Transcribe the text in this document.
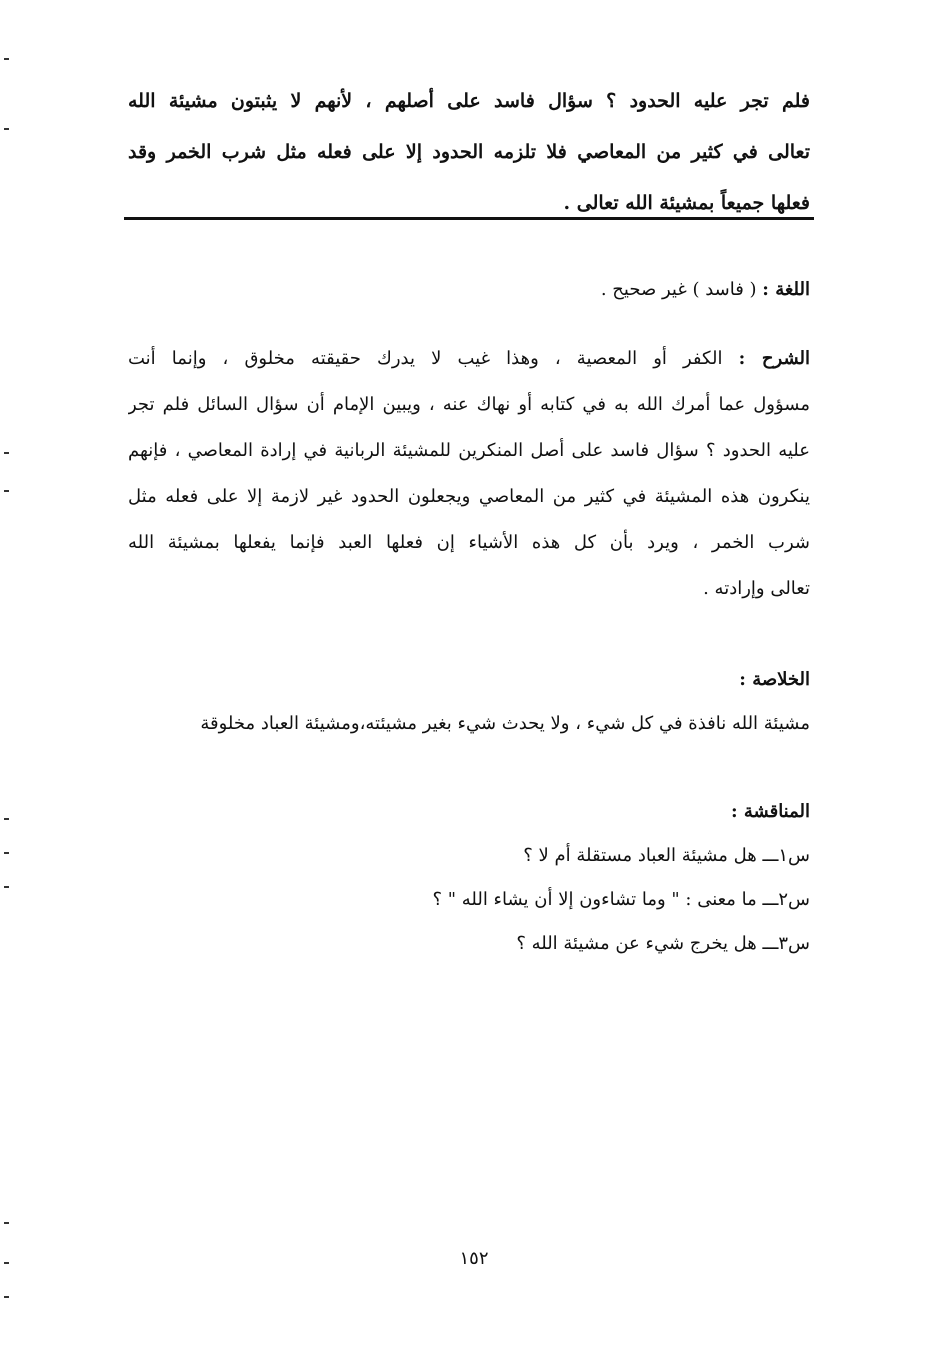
فلم تجر عليه الحدود ؟ سؤال فاسد على أصلهم ، لأنهم لا يثبتون مشيئة الله
تعالى في كثير من المعاصي فلا تلزمه الحدود إلا على فعله مثل شرب الخمر وقد
فعلها جميعاً بمشيئة الله تعالى .
اللغة : ( فاسد ) غير صحيح .
الشرح : الكفر أو المعصية ، وهذا غيب لا يدرك حقيقته مخلوق ، وإنما أنت
مسؤول عما أمرك الله به في كتابه أو نهاك عنه ، ويبين الإمام أن سؤال السائل فلم تجر
عليه الحدود ؟ سؤال فاسد على أصل المنكرين للمشيئة الربانية في إرادة المعاصي ، فإنهم
ينكرون هذه المشيئة في كثير من المعاصي ويجعلون الحدود غير لازمة إلا على فعله مثل
شرب الخمر ، ويرد بأن كل هذه الأشياء إن فعلها العبد فإنما يفعلها بمشيئة الله
تعالى وإرادته .
الخلاصة :
مشيئة الله نافذة في كل شيء ، ولا يحدث شيء بغير مشيئته،ومشيئة العباد مخلوقة
المناقشة :
س١ـــ هل مشيئة العباد مستقلة أم لا ؟
س٢ـــ ما معنى : " وما تشاءون إلا أن يشاء الله " ؟
س٣ـــ هل يخرج شيء عن مشيئة الله ؟
١٥٢
